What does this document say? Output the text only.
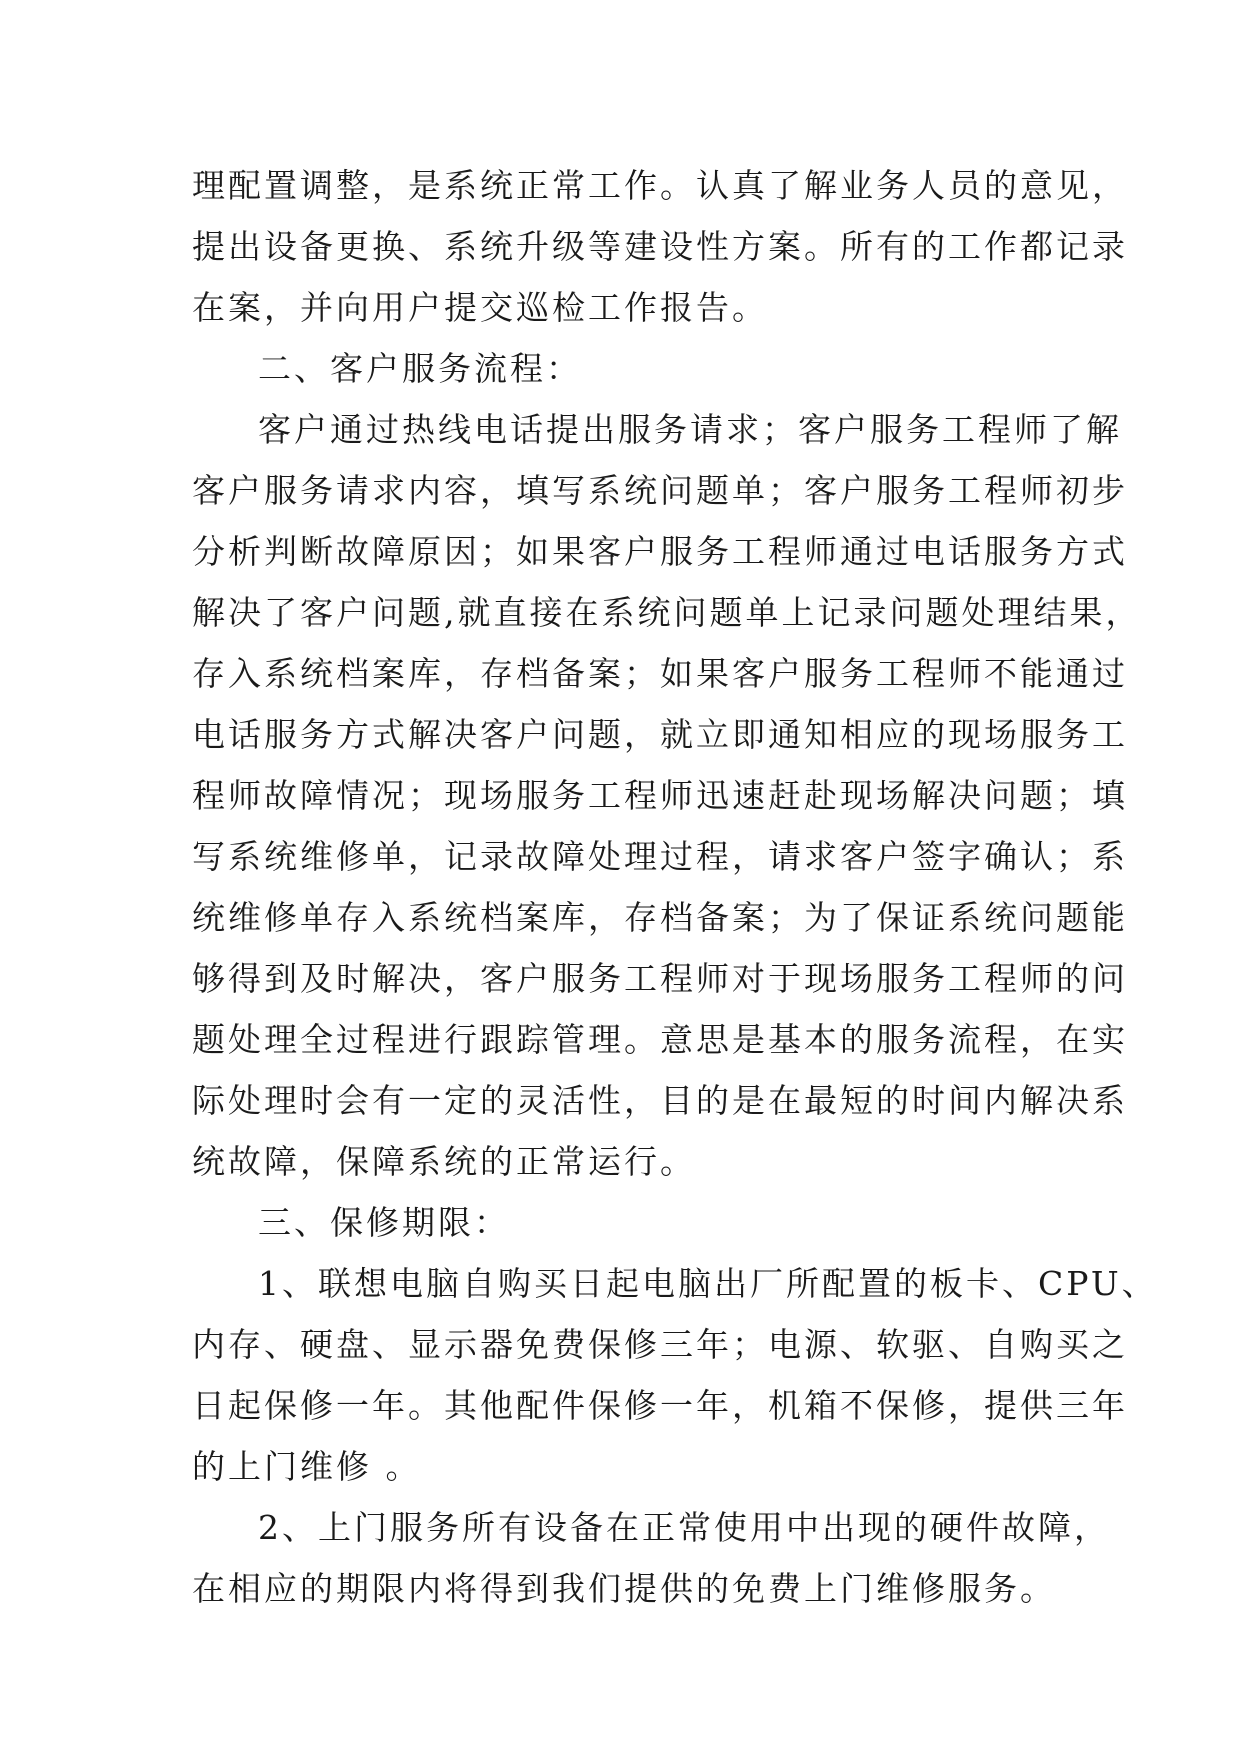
理配置调整，是系统正常工作。认真了解业务人员的意见，
提出设备更换、系统升级等建设性方案。所有的工作都记录
在案，并向用户提交巡检工作报告。

二、客户服务流程：

客户通过热线电话提出服务请求；客户服务工程师了解
客户服务请求内容，填写系统问题单；客户服务工程师初步
分析判断故障原因；如果客户服务工程师通过电话服务方式
解决了客户问题,就直接在系统问题单上记录问题处理结果，
存入系统档案库，存档备案；如果客户服务工程师不能通过
电话服务方式解决客户问题，就立即通知相应的现场服务工
程师故障情况；现场服务工程师迅速赶赴现场解决问题；填
写系统维修单，记录故障处理过程，请求客户签字确认；系
统维修单存入系统档案库，存档备案；为了保证系统问题能
够得到及时解决，客户服务工程师对于现场服务工程师的问
题处理全过程进行跟踪管理。意思是基本的服务流程，在实
际处理时会有一定的灵活性，目的是在最短的时间内解决系
统故障，保障系统的正常运行。

三、保修期限：

1、联想电脑自购买日起电脑出厂所配置的板卡、CPU、
内存、硬盘、显示器免费保修三年；电源、软驱、自购买之
日起保修一年。其他配件保修一年，机箱不保修，提供三年
的上门维修 。

2、上门服务所有设备在正常使用中出现的硬件故障，
在相应的期限内将得到我们提供的免费上门维修服务。
